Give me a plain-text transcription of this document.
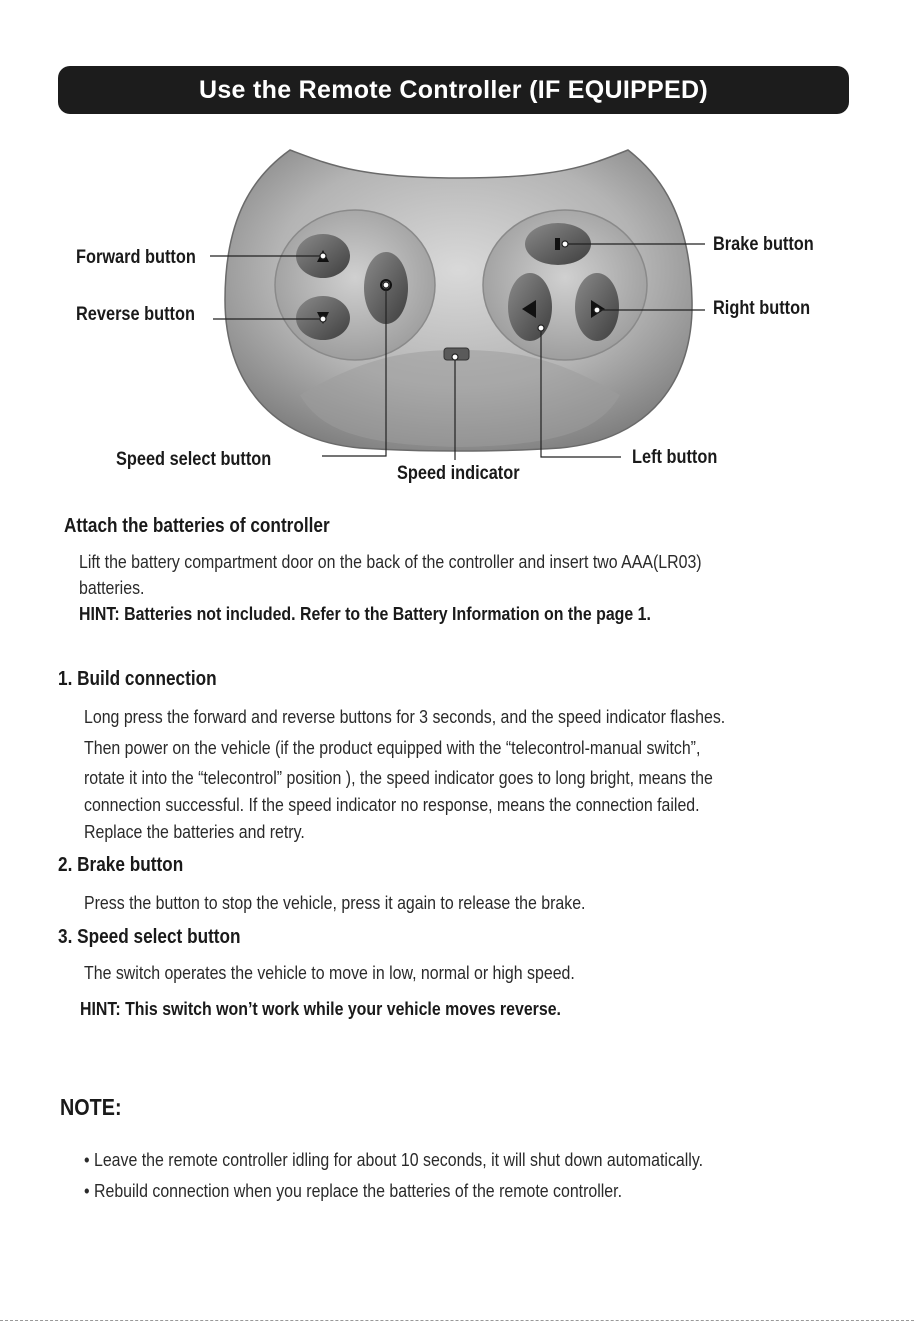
Use the Remote Controller (IF EQUIPPED)
Forward button
Reverse button
Speed select button
Speed indicator
Brake button
Right button
Left button
Attach the batteries of controller
Lift the battery compartment door on the back of the controller and insert two AAA(LR03)
batteries.
HINT: Batteries not included. Refer to the Battery Information on the page 1.
1. Build connection
Long press the forward and reverse buttons for 3 seconds, and the speed indicator flashes.
Then power on the vehicle (if the product equipped with the “telecontrol-manual switch”,
rotate it into the “telecontrol” position ), the speed indicator goes to long bright, means the
connection successful. If the speed indicator no response, means the connection failed.
Replace the batteries and retry.
2. Brake button
Press the button to stop the vehicle, press it again to release the brake.
3. Speed select button
The switch operates the vehicle to move in low, normal or high speed.
HINT: This switch won’t work while your vehicle moves reverse.
NOTE:
• Leave the remote controller idling for about 10 seconds, it will shut down automatically.
• Rebuild connection when you replace the batteries of the remote controller.
